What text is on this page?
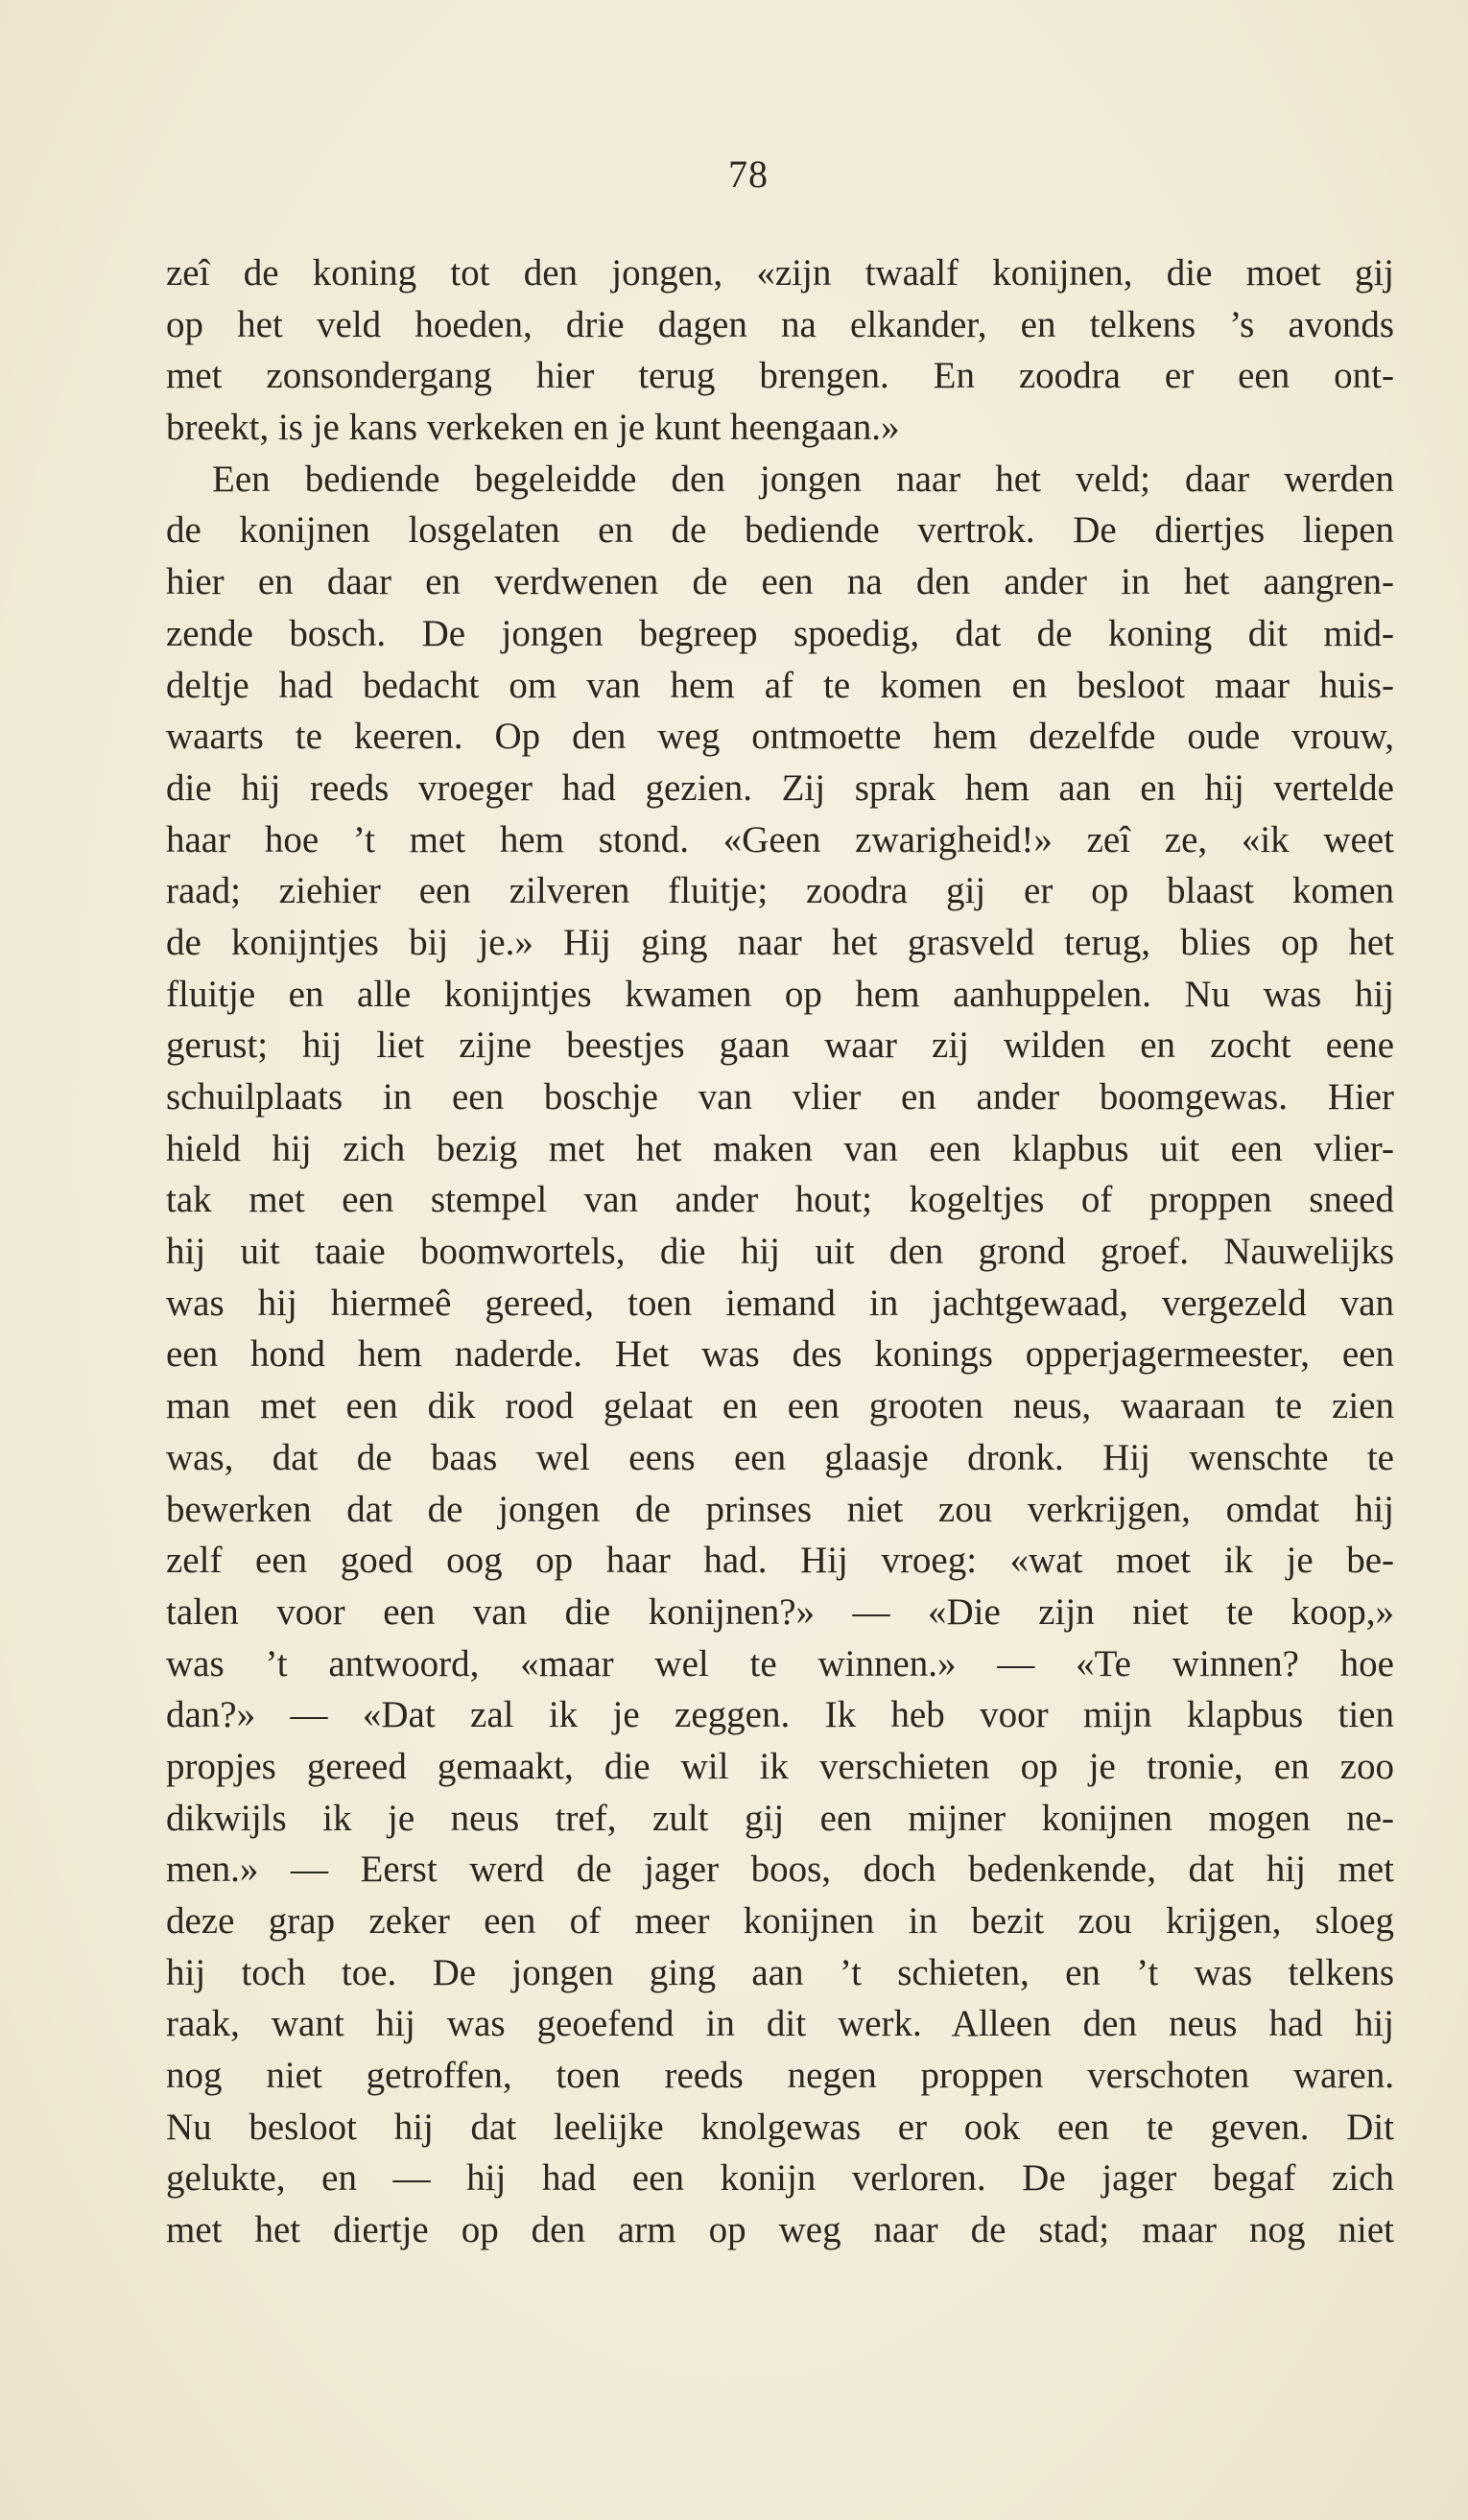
78
zeî de koning tot den jongen, «zijn twaalf konijnen, die moet gij
op het veld hoeden, drie dagen na elkander, en telkens ’s avonds
met zonsondergang hier terug brengen. En zoodra er een ont-
breekt, is je kans verkeken en je kunt heengaan.»
Een bediende begeleidde den jongen naar het veld; daar werden
de konijnen losgelaten en de bediende vertrok. De diertjes liepen
hier en daar en verdwenen de een na den ander in het aangren-
zende bosch. De jongen begreep spoedig, dat de koning dit mid-
deltje had bedacht om van hem af te komen en besloot maar huis-
waarts te keeren. Op den weg ontmoette hem dezelfde oude vrouw,
die hij reeds vroeger had gezien. Zij sprak hem aan en hij vertelde
haar hoe ’t met hem stond. «Geen zwarigheid!» zeî ze, «ik weet
raad; ziehier een zilveren fluitje; zoodra gij er op blaast komen
de konijntjes bij je.» Hij ging naar het grasveld terug, blies op het
fluitje en alle konijntjes kwamen op hem aanhuppelen. Nu was hij
gerust; hij liet zijne beestjes gaan waar zij wilden en zocht eene
schuilplaats in een boschje van vlier en ander boomgewas. Hier
hield hij zich bezig met het maken van een klapbus uit een vlier-
tak met een stempel van ander hout; kogeltjes of proppen sneed
hij uit taaie boomwortels, die hij uit den grond groef. Nauwelijks
was hij hiermeê gereed, toen iemand in jachtgewaad, vergezeld van
een hond hem naderde. Het was des konings opperjagermeester, een
man met een dik rood gelaat en een grooten neus, waaraan te zien
was, dat de baas wel eens een glaasje dronk. Hij wenschte te
bewerken dat de jongen de prinses niet zou verkrijgen, omdat hij
zelf een goed oog op haar had. Hij vroeg: «wat moet ik je be-
talen voor een van die konijnen?» — «Die zijn niet te koop,»
was ’t antwoord, «maar wel te winnen.» — «Te winnen? hoe
dan?» — «Dat zal ik je zeggen. Ik heb voor mijn klapbus tien
propjes gereed gemaakt, die wil ik verschieten op je tronie, en zoo
dikwijls ik je neus tref, zult gij een mijner konijnen mogen ne-
men.» — Eerst werd de jager boos, doch bedenkende, dat hij met
deze grap zeker een of meer konijnen in bezit zou krijgen, sloeg
hij toch toe. De jongen ging aan ’t schieten, en ’t was telkens
raak, want hij was geoefend in dit werk. Alleen den neus had hij
nog niet getroffen, toen reeds negen proppen verschoten waren.
Nu besloot hij dat leelijke knolgewas er ook een te geven. Dit
gelukte, en — hij had een konijn verloren. De jager begaf zich
met het diertje op den arm op weg naar de stad; maar nog niet
